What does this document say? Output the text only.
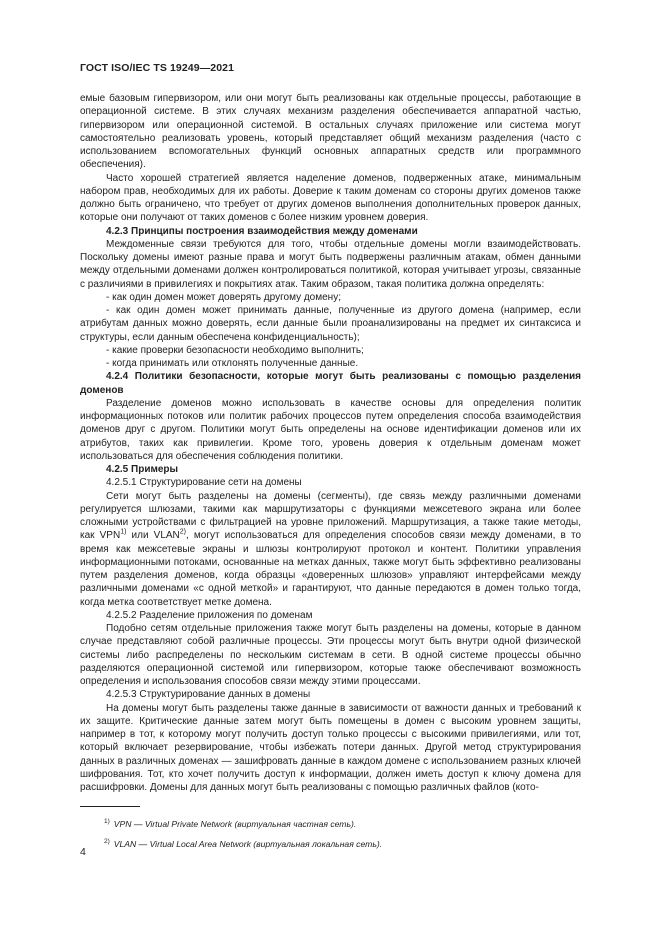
ГОСТ ISO/IEC TS 19249—2021

емые базовым гипервизором, или они могут быть реализованы как отдельные процессы, работающие в операционной системе. В этих случаях механизм разделения обеспечивается аппаратной частью, гипервизором или операционной системой. В остальных случаях приложение или система могут самостоятельно реализовать уровень, который представляет общий механизм разделения (часто с использованием вспомогательных функций основных аппаратных средств или программного обеспечения).

Часто хорошей стратегией является наделение доменов, подверженных атаке, минимальным набором прав, необходимых для их работы. Доверие к таким доменам со стороны других доменов также должно быть ограничено, что требует от других доменов выполнения дополнительных проверок данных, которые они получают от таких доменов с более низким уровнем доверия.

4.2.3 Принципы построения взаимодействия между доменами

Междоменные связи требуются для того, чтобы отдельные домены могли взаимодействовать. Поскольку домены имеют разные права и могут быть подвержены различным атакам, обмен данными между отдельными доменами должен контролироваться политикой, которая учитывает угрозы, связанные с различиями в привилегиях и покрытиях атак. Таким образом, такая политика должна определять:

- как один домен может доверять другому домену;

- как один домен может принимать данные, полученные из другого домена (например, если атрибутам данных можно доверять, если данные были проанализированы на предмет их синтаксиса и структуры, если данным обеспечена конфиденциальность);

- какие проверки безопасности необходимо выполнить;

- когда принимать или отклонять полученные данные.

4.2.4 Политики безопасности, которые могут быть реализованы с помощью разделения доменов

Разделение доменов можно использовать в качестве основы для определения политик информационных потоков или политик рабочих процессов путем определения способа взаимодействия доменов друг с другом. Политики могут быть определены на основе идентификации доменов или их атрибутов, таких как привилегии. Кроме того, уровень доверия к отдельным доменам может использоваться для обеспечения соблюдения политики.

4.2.5 Примеры

4.2.5.1 Структурирование сети на домены

Сети могут быть разделены на домены (сегменты), где связь между различными доменами регулируется шлюзами, такими как маршрутизаторы с функциями межсетевого экрана или более сложными устройствами с фильтрацией на уровне приложений. Маршрутизация, а также такие методы, как VPN$^{1)}$ или VLAN$^{2)}$, могут использоваться для определения способов связи между доменами, в то время как межсетевые экраны и шлюзы контролируют протокол и контент. Политики управления информационными потоками, основанные на метках данных, также могут быть эффективно реализованы путем разделения доменов, когда образцы «доверенных шлюзов» управляют интерфейсами между различными доменами «с одной меткой» и гарантируют, что данные передаются в домен только тогда, когда метка соответствует метке домена.

4.2.5.2 Разделение приложения по доменам

Подобно сетям отдельные приложения также могут быть разделены на домены, которые в данном случае представляют собой различные процессы. Эти процессы могут быть внутри одной физической системы либо распределены по нескольким системам в сети. В одной системе процессы обычно разделяются операционной системой или гипервизором, которые также обеспечивают возможность определения и использования способов связи между этими процессами.

4.2.5.3 Структурирование данных в домены

На домены могут быть разделены также данные в зависимости от важности данных и требований к их защите. Критические данные затем могут быть помещены в домен с высоким уровнем защиты, например в тот, к которому могут получить доступ только процессы с высокими привилегиями, или тот, который включает резервирование, чтобы избежать потери данных. Другой метод структурирования данных в различных доменах — зашифровать данные в каждом домене с использованием разных ключей шифрования. Тот, кто хочет получить доступ к информации, должен иметь доступ к ключу домена для расшифровки. Домены для данных могут быть реализованы с помощью различных файлов (кото-

$^{1)}$ VPN — Virtual Private Network (виртуальная частная сеть).
$^{2)}$ VLAN — Virtual Local Area Network (виртуальная локальная сеть).
4
